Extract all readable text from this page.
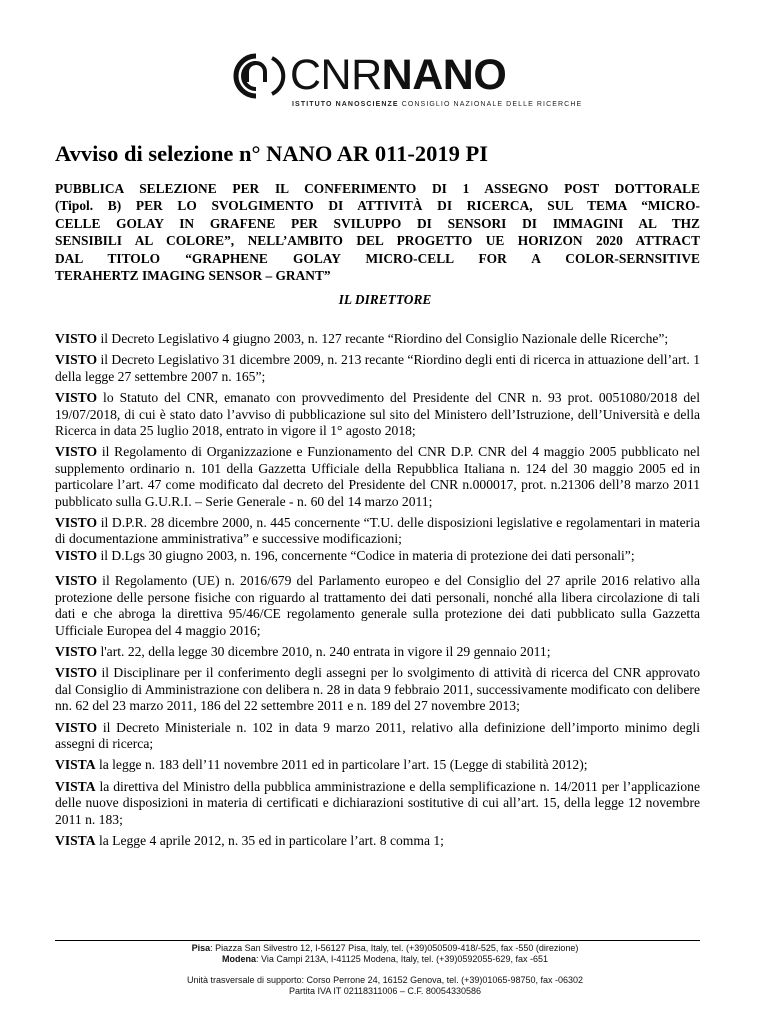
CNRNANO
ISTITUTO NANOSCIENZE CONSIGLIO NAZIONALE DELLE RICERCHE
Avviso di selezione n° NANO AR 011-2019 PI
PUBBLICA SELEZIONE PER IL CONFERIMENTO DI 1 ASSEGNO POST DOTTORALE
(Tipol. B) PER LO SVOLGIMENTO DI ATTIVITÀ DI RICERCA, SUL TEMA “MICRO-
CELLE GOLAY IN GRAFENE PER SVILUPPO DI SENSORI DI IMMAGINI AL THZ
SENSIBILI AL COLORE”, NELL’AMBITO DEL PROGETTO UE HORIZON 2020 ATTRACT
DAL TITOLO “GRAPHENE GOLAY MICRO-CELL FOR A COLOR-SERNSITIVE
TERAHERTZ IMAGING SENSOR – GRANT”
IL DIRETTORE

VISTO il Decreto Legislativo 4 giugno 2003, n. 127 recante “Riordino del Consiglio Nazionale delle Ricerche”;

VISTO il Decreto Legislativo 31 dicembre 2009, n. 213 recante “Riordino degli enti di ricerca in attuazione dell’art. 1 della legge 27 settembre 2007 n. 165”;

VISTO lo Statuto del CNR, emanato con provvedimento del Presidente del CNR n. 93 prot. 0051080/2018 del 19/07/2018, di cui è stato dato l’avviso di pubblicazione sul sito del Ministero dell’Istruzione, dell’Università e della Ricerca in data 25 luglio 2018, entrato in vigore il 1° agosto 2018;

VISTO il Regolamento di Organizzazione e Funzionamento del CNR D.P. CNR del 4 maggio 2005 pubblicato nel supplemento ordinario n. 101 della Gazzetta Ufficiale della Repubblica Italiana n. 124 del 30 maggio 2005 ed in particolare l’art. 47 come modificato dal decreto del Presidente del CNR n.000017, prot. n.21306 dell’8 marzo 2011 pubblicato sulla G.U.R.I. – Serie Generale - n. 60 del 14 marzo 2011;

VISTO il D.P.R. 28 dicembre 2000, n. 445 concernente “T.U. delle disposizioni legislative e regolamentari in materia di documentazione amministrativa” e successive modificazioni;

VISTO il D.Lgs 30 giugno 2003, n. 196, concernente “Codice in materia di protezione dei dati personali”;

VISTO il Regolamento (UE) n. 2016/679 del Parlamento europeo e del Consiglio del 27 aprile 2016 relativo alla protezione delle persone fisiche con riguardo al trattamento dei dati personali, nonché alla libera circolazione di tali dati e che abroga la direttiva 95/46/CE regolamento generale sulla protezione dei dati pubblicato sulla Gazzetta Ufficiale Europea del 4 maggio 2016;

VISTO l'art. 22, della legge 30 dicembre 2010, n. 240 entrata in vigore il 29 gennaio 2011;

VISTO il Disciplinare per il conferimento degli assegni per lo svolgimento di attività di ricerca del CNR approvato dal Consiglio di Amministrazione con delibera n. 28 in data 9 febbraio 2011, successivamente modificato con delibere nn. 62 del 23 marzo 2011, 186 del 22 settembre 2011 e n. 189 del 27 novembre 2013;

VISTO il Decreto Ministeriale n. 102 in data 9 marzo 2011, relativo alla definizione dell’importo minimo degli assegni di ricerca;

VISTA la legge n. 183 dell’11 novembre 2011 ed in particolare l’art. 15 (Legge di stabilità 2012);

VISTA la direttiva del Ministro della pubblica amministrazione e della semplificazione n. 14/2011 per l’applicazione delle nuove disposizioni in materia di certificati e dichiarazioni sostitutive di cui all’art. 15, della legge 12 novembre 2011 n. 183;

VISTA la Legge 4 aprile 2012, n. 35 ed in particolare l’art. 8 comma 1;

Pisa: Piazza San Silvestro 12, I-56127 Pisa, Italy, tel. (+39)050509-418/-525, fax -550 (direzione)

Modena: Via Campi 213A, I-41125 Modena, Italy, tel. (+39)0592055-629, fax -651

Unità trasversale di supporto: Corso Perrone 24, 16152 Genova, tel. (+39)01065-98750, fax -06302

Partita IVA IT 02118311006 – C.F. 80054330586
